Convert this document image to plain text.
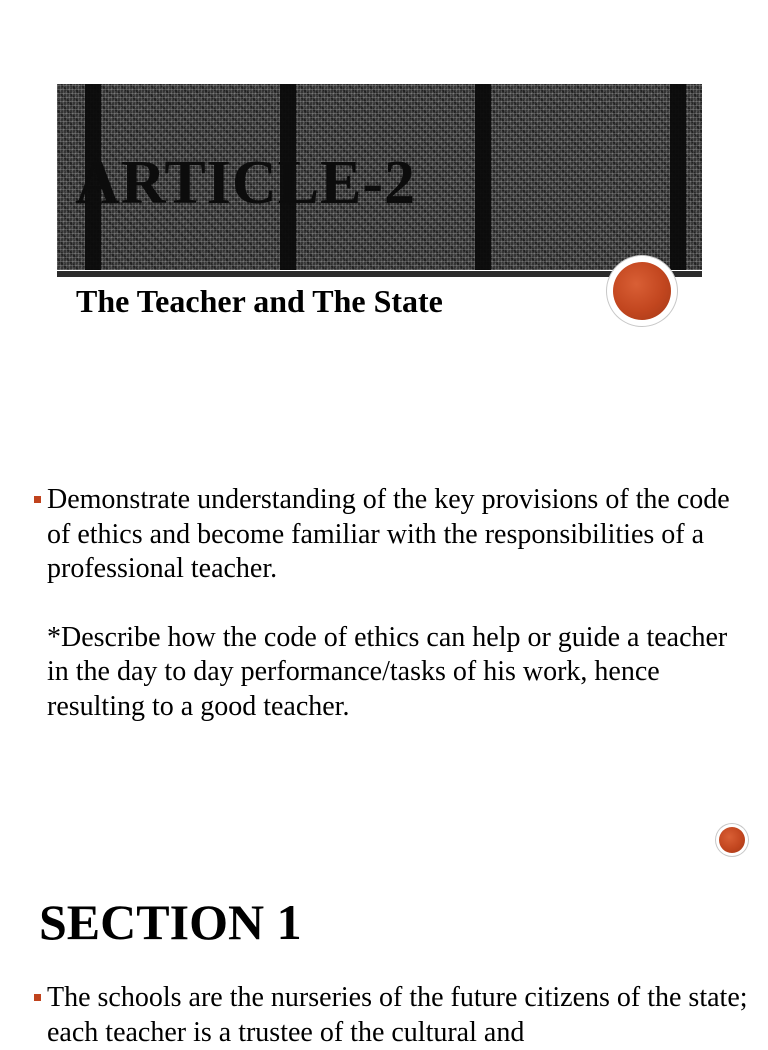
ARTICLE-2
The Teacher and The State
Demonstrate understanding of the key provisions of the code of ethics and become familiar with the responsibilities of a professional teacher.
*Describe how the code of ethics can help or guide a teacher in the day to day performance/tasks of his work, hence resulting to a good teacher.
SECTION 1
The schools are the nurseries of the future citizens of the state; each teacher is a trustee of the cultural and
